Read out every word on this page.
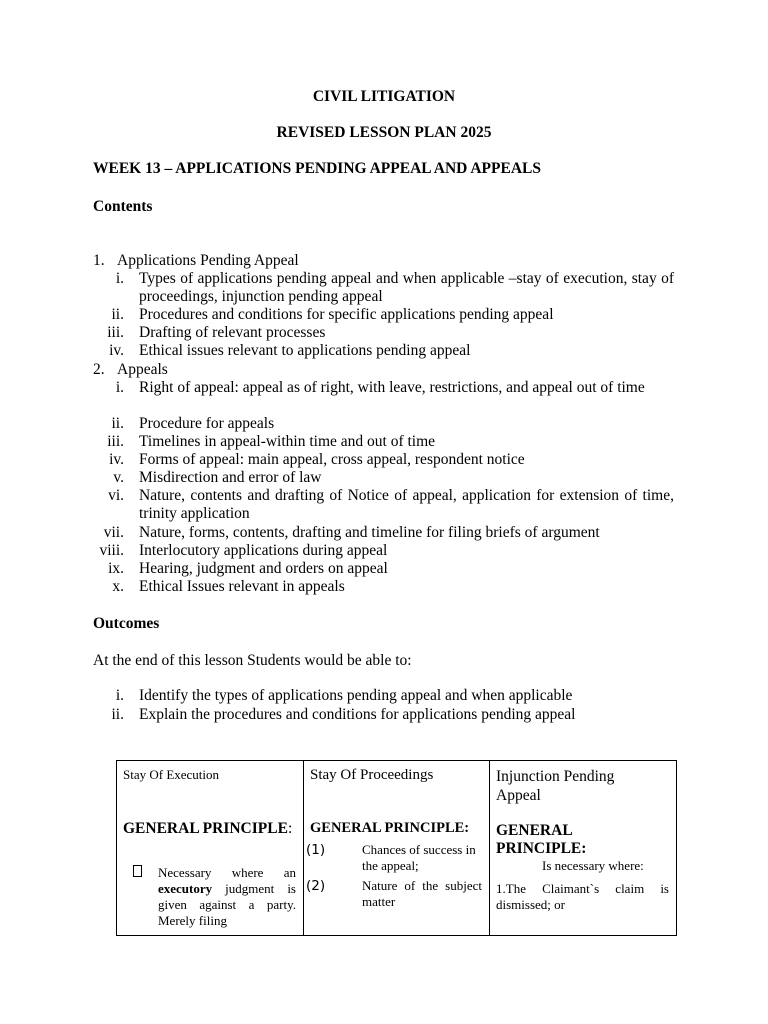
CIVIL LITIGATION
REVISED LESSON PLAN 2025
WEEK 13 – APPLICATIONS PENDING APPEAL AND APPEALS
Contents
1. Applications Pending Appeal
i. Types of applications pending appeal and when applicable –stay of execution, stay of proceedings, injunction pending appeal
ii. Procedures and conditions for specific applications pending appeal
iii. Drafting of relevant processes
iv. Ethical issues relevant to applications pending appeal
2. Appeals
i. Right of appeal: appeal as of right, with leave, restrictions, and appeal out of time
ii. Procedure for appeals
iii. Timelines in appeal-within time and out of time
iv. Forms of appeal: main appeal, cross appeal, respondent notice
v. Misdirection and error of law
vi. Nature, contents and drafting of Notice of appeal, application for extension of time, trinity application
vii. Nature, forms, contents, drafting and timeline for filing briefs of argument
viii. Interlocutory applications during appeal
ix. Hearing, judgment and orders on appeal
x. Ethical Issues relevant in appeals
Outcomes
At the end of this lesson Students would be able to:
i. Identify the types of applications pending appeal and when applicable
ii. Explain the procedures and conditions for applications pending appeal
Stay Of Execution
GENERAL PRINCIPLE:
Necessary where an executory judgment is given against a party. Merely filing

Stay Of Proceedings
GENERAL PRINCIPLE:
(1)	Chances of success in the appeal;
(2)	Nature of the subject matter

Injunction Pending Appeal
GENERAL PRINCIPLE:
Is necessary where:
1.The Claimant`s claim is dismissed; or
